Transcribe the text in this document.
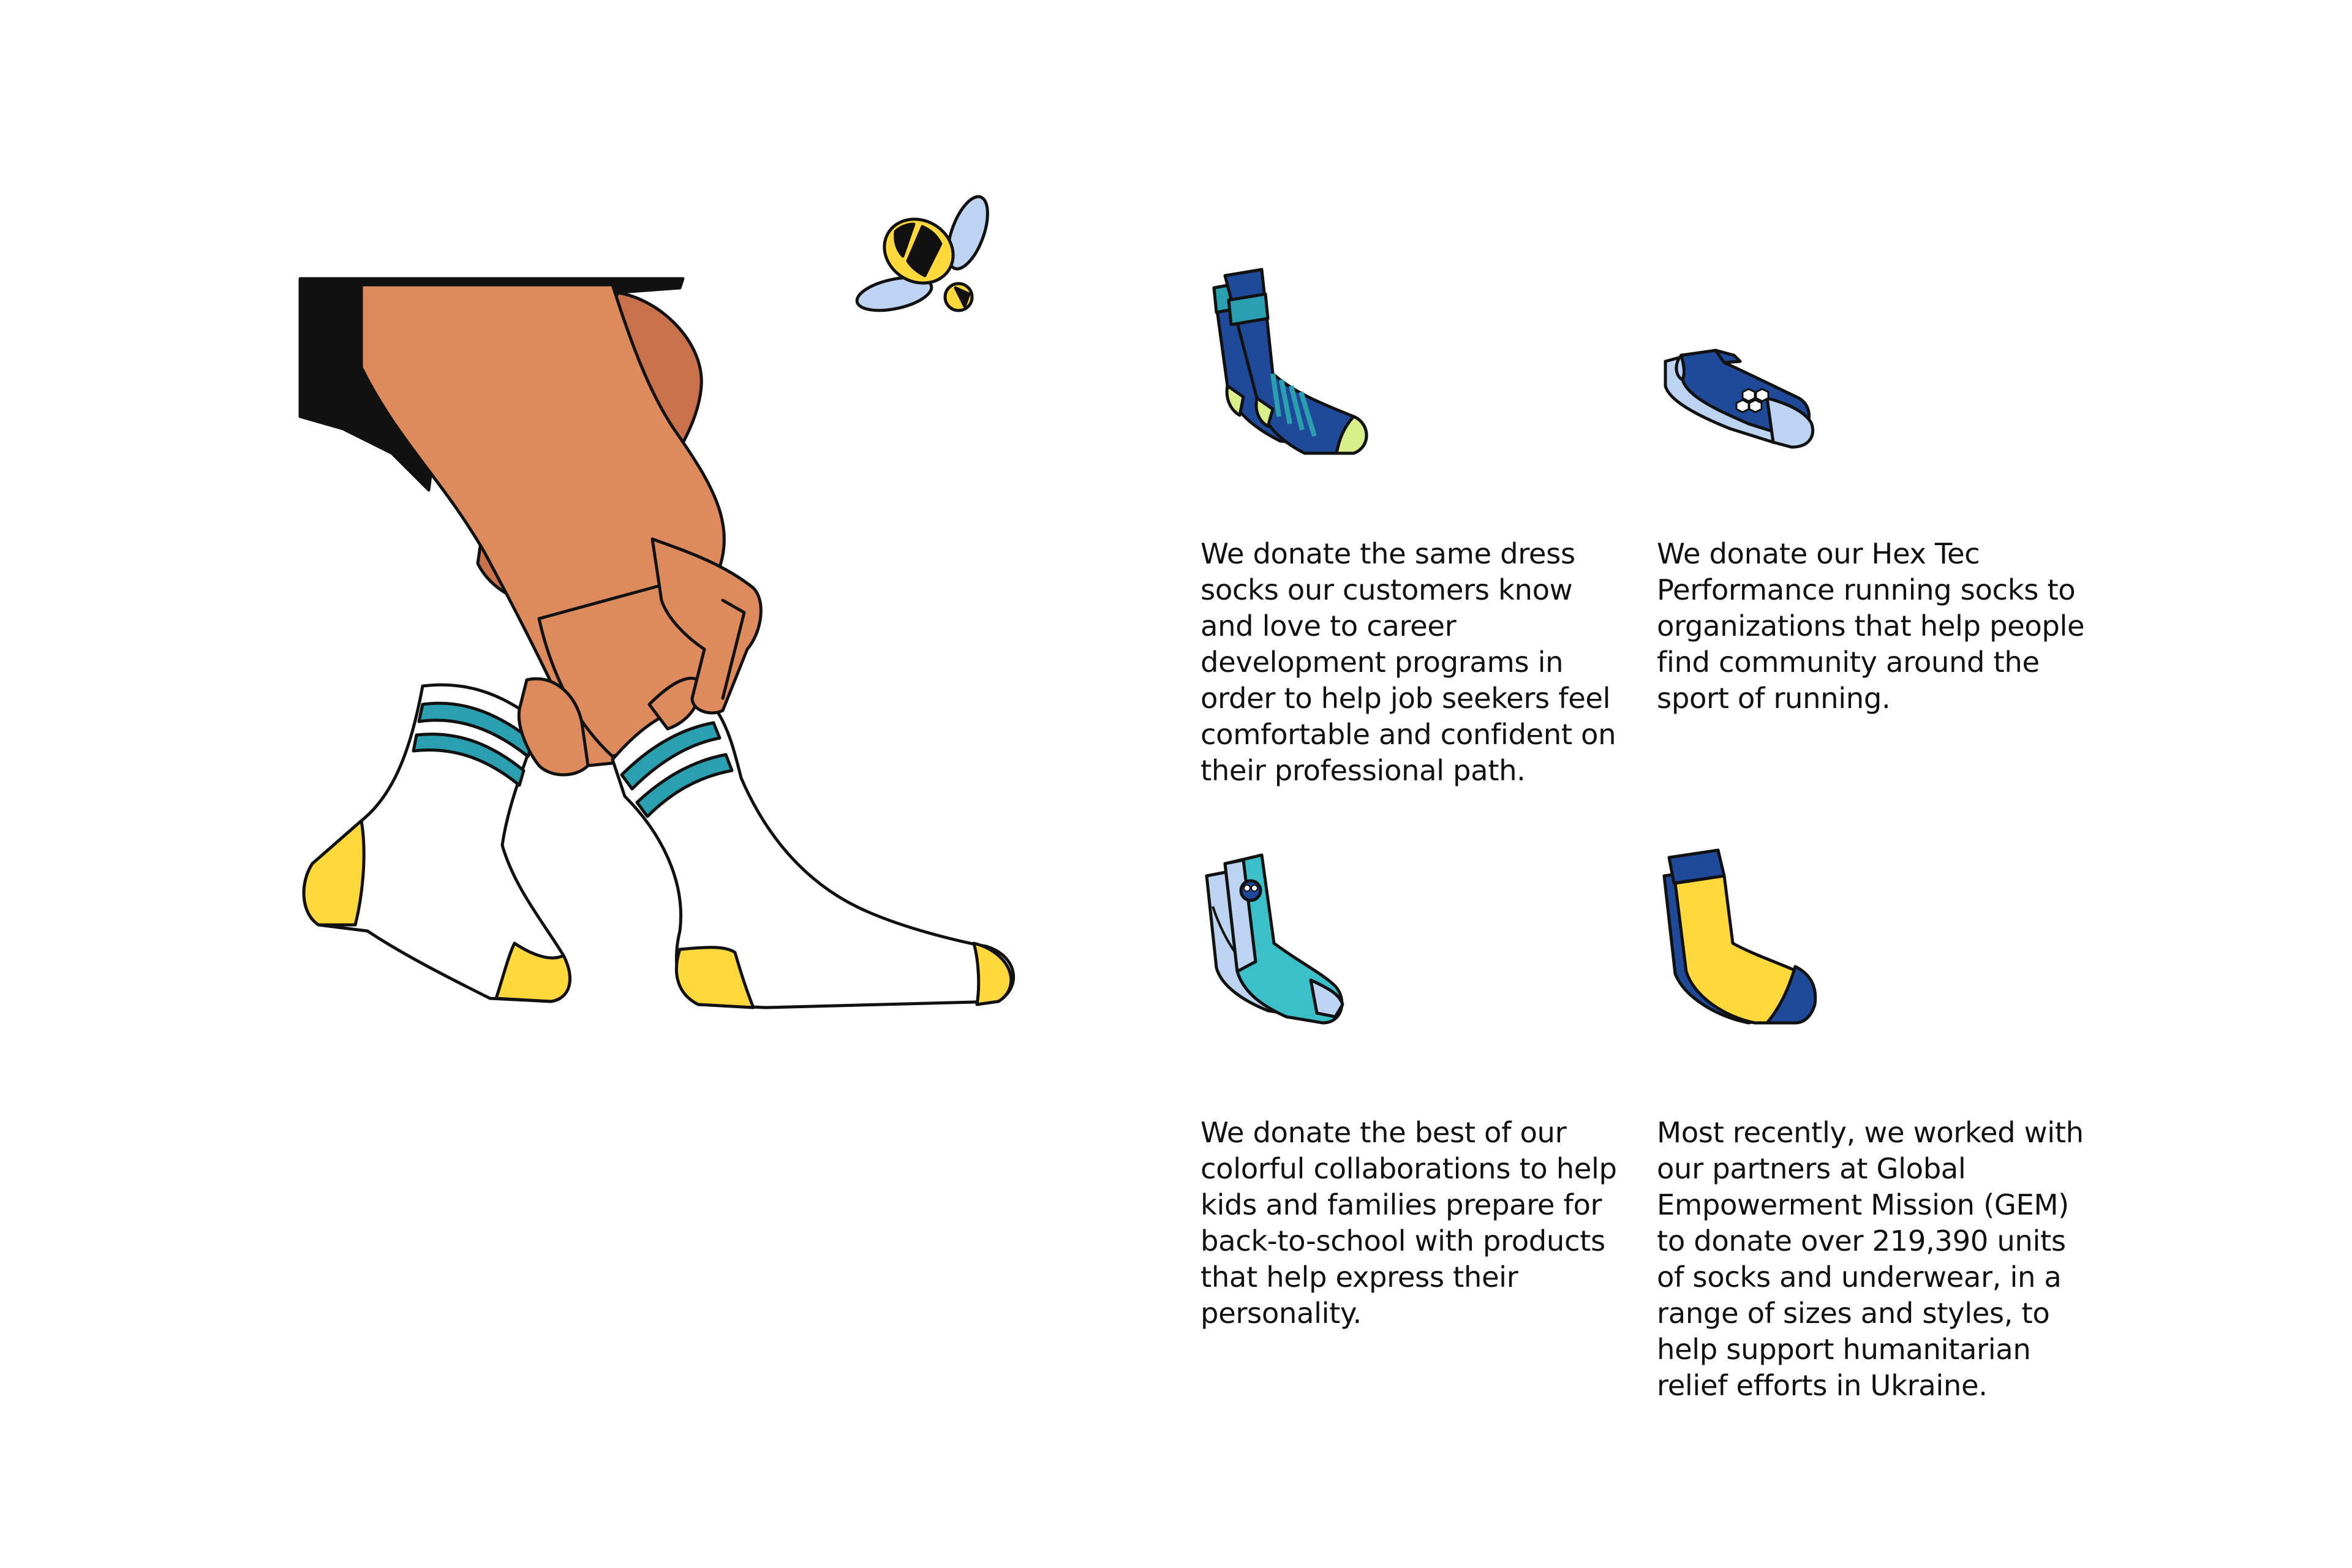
We donate the same dress socks our customers know and love to career development programs in order to help job seekers feel comfortable and confident on their professional path.

We donate our Hex Tec Performance running socks to organizations that help people find community around the sport of running.

We donate the best of our colorful collaborations to help kids and families prepare for back-to-school with products that help express their personality.

Most recently, we worked with our partners at Global Empowerment Mission (GEM) to donate over 219,390 units of socks and underwear, in a range of sizes and styles, to help support humanitarian relief efforts in Ukraine.
